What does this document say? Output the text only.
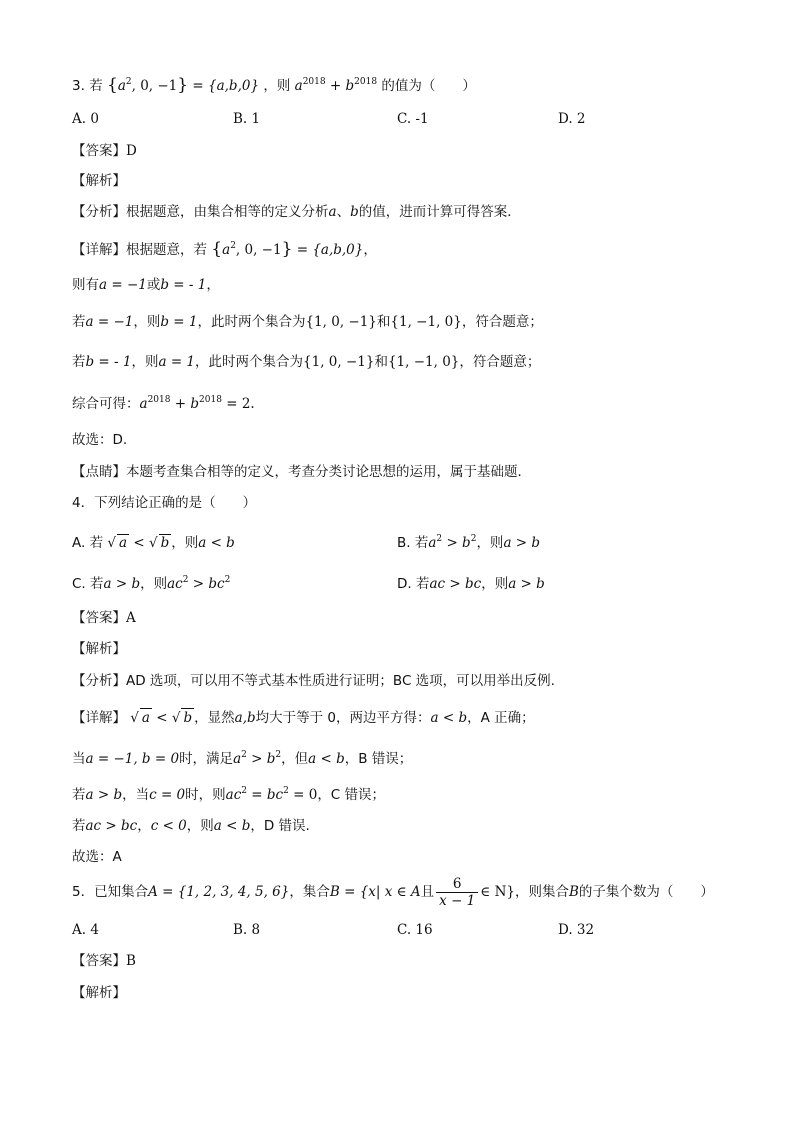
3. 若 {$a^2$, 0, −1} = {a,b,0} ，则 $a^{2018} + b^{2018}$ 的值为（　　）
A. 0	B. 1	C. -1	D. 2
【答案】D
【解析】
【分析】根据题意，由集合相等的定义分析a、b的值，进而计算可得答案．
【详解】根据题意，若 {$a^2$, 0, −1} = {a,b,0}，
则有a = −1或b = - 1，
若a = −1，则b = 1，此时两个集合为{1, 0, −1}和{1, −1, 0}，符合题意；
若b = - 1，则a = 1，此时两个集合为{1, 0, −1}和{1, −1, 0}，符合题意；
综合可得：$a^{2018} + b^{2018} = 2$.
故选：D.
【点睛】本题考查集合相等的定义，考查分类讨论思想的运用，属于基础题．
4．下列结论正确的是（　　）
A. 若 √ a < √ b ，则a < b	B. 若$a^2 > b^2$，则a > b
C. 若a > b，则$ac^2 > bc^2$	D. 若ac > bc，则a > b
【答案】A
【解析】
【分析】AD 选项，可以用不等式基本性质进行证明；BC 选项，可以用举出反例.
【详解】 √ a < √ b ，显然a,b均大于等于 0，两边平方得：a < b，A 正确；
当a = −1, b = 0时，满足$a^2 > b^2$，但a < b，B 错误；
若a > b，当c = 0时，则$ac^2 = bc^2 = 0$，C 错误；
若ac > bc，c < 0，则a < b，D 错误.
故选：A
5．已知集合 A = {1, 2, 3, 4, 5, 6} ，集合 B = {x| x ∈ A 且 $\frac{6}{x - 1}$ ∈ N } ，则集合 B 的子集个数为（　　）
A. 4	B. 8	C. 16	D. 32
【答案】B
【解析】
